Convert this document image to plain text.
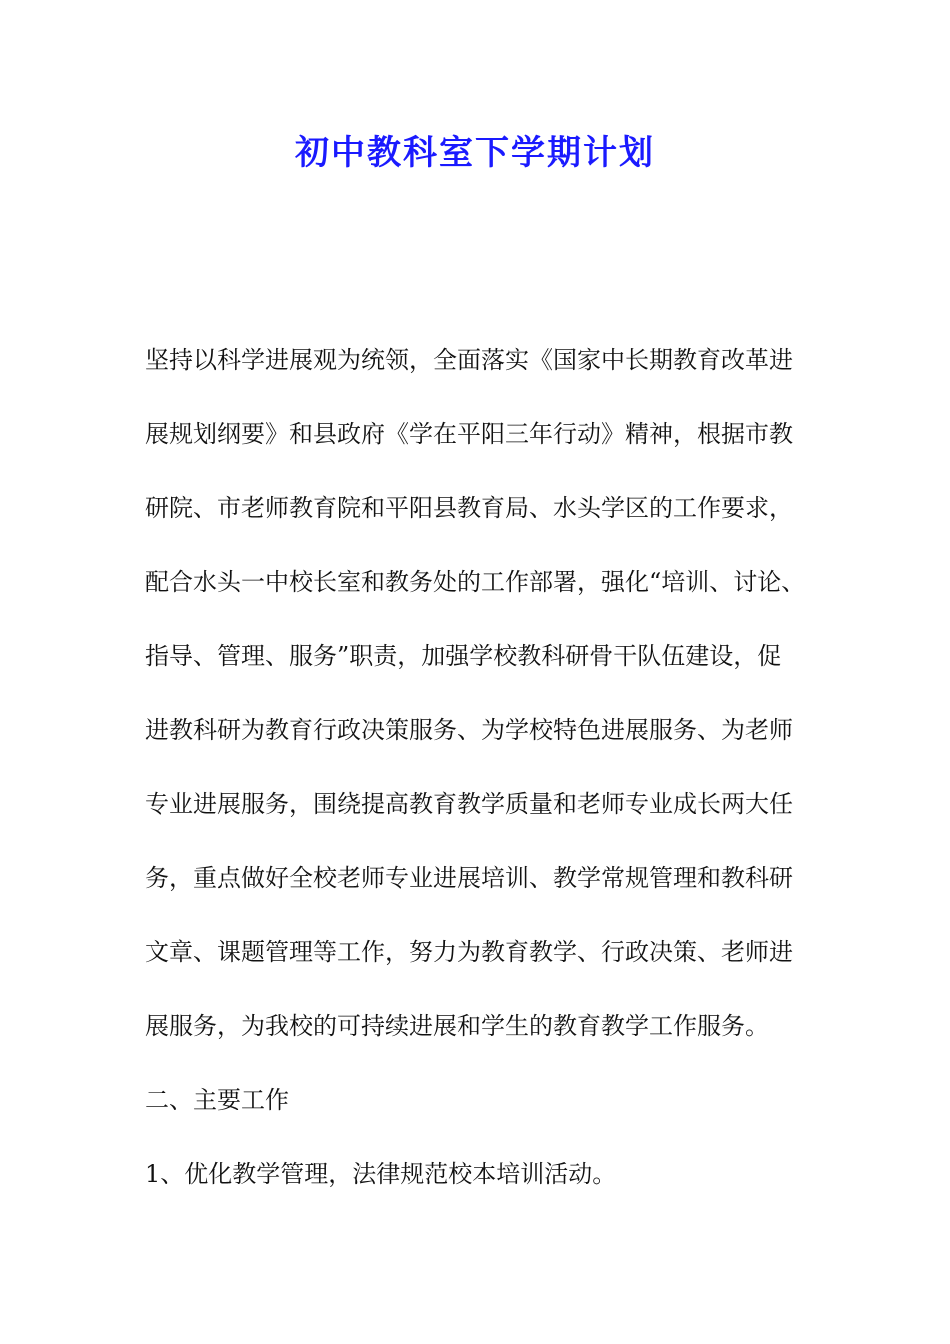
初中教科室下学期计划

坚持以科学进展观为统领，全面落实《国家中长期教育改革进

展规划纲要》和县政府《学在平阳三年行动》精神，根据市教

研院、市老师教育院和平阳县教育局、水头学区的工作要求，

配合水头一中校长室和教务处的工作部署，强化“培训、讨论、

指导、管理、服务”职责，加强学校教科研骨干队伍建设，促

进教科研为教育行政决策服务、为学校特色进展服务、为老师

专业进展服务，围绕提高教育教学质量和老师专业成长两大任

务，重点做好全校老师专业进展培训、教学常规管理和教科研

文章、课题管理等工作，努力为教育教学、行政决策、老师进

展服务，为我校的可持续进展和学生的教育教学工作服务。

二、主要工作

1、优化教学管理，法律规范校本培训活动。
